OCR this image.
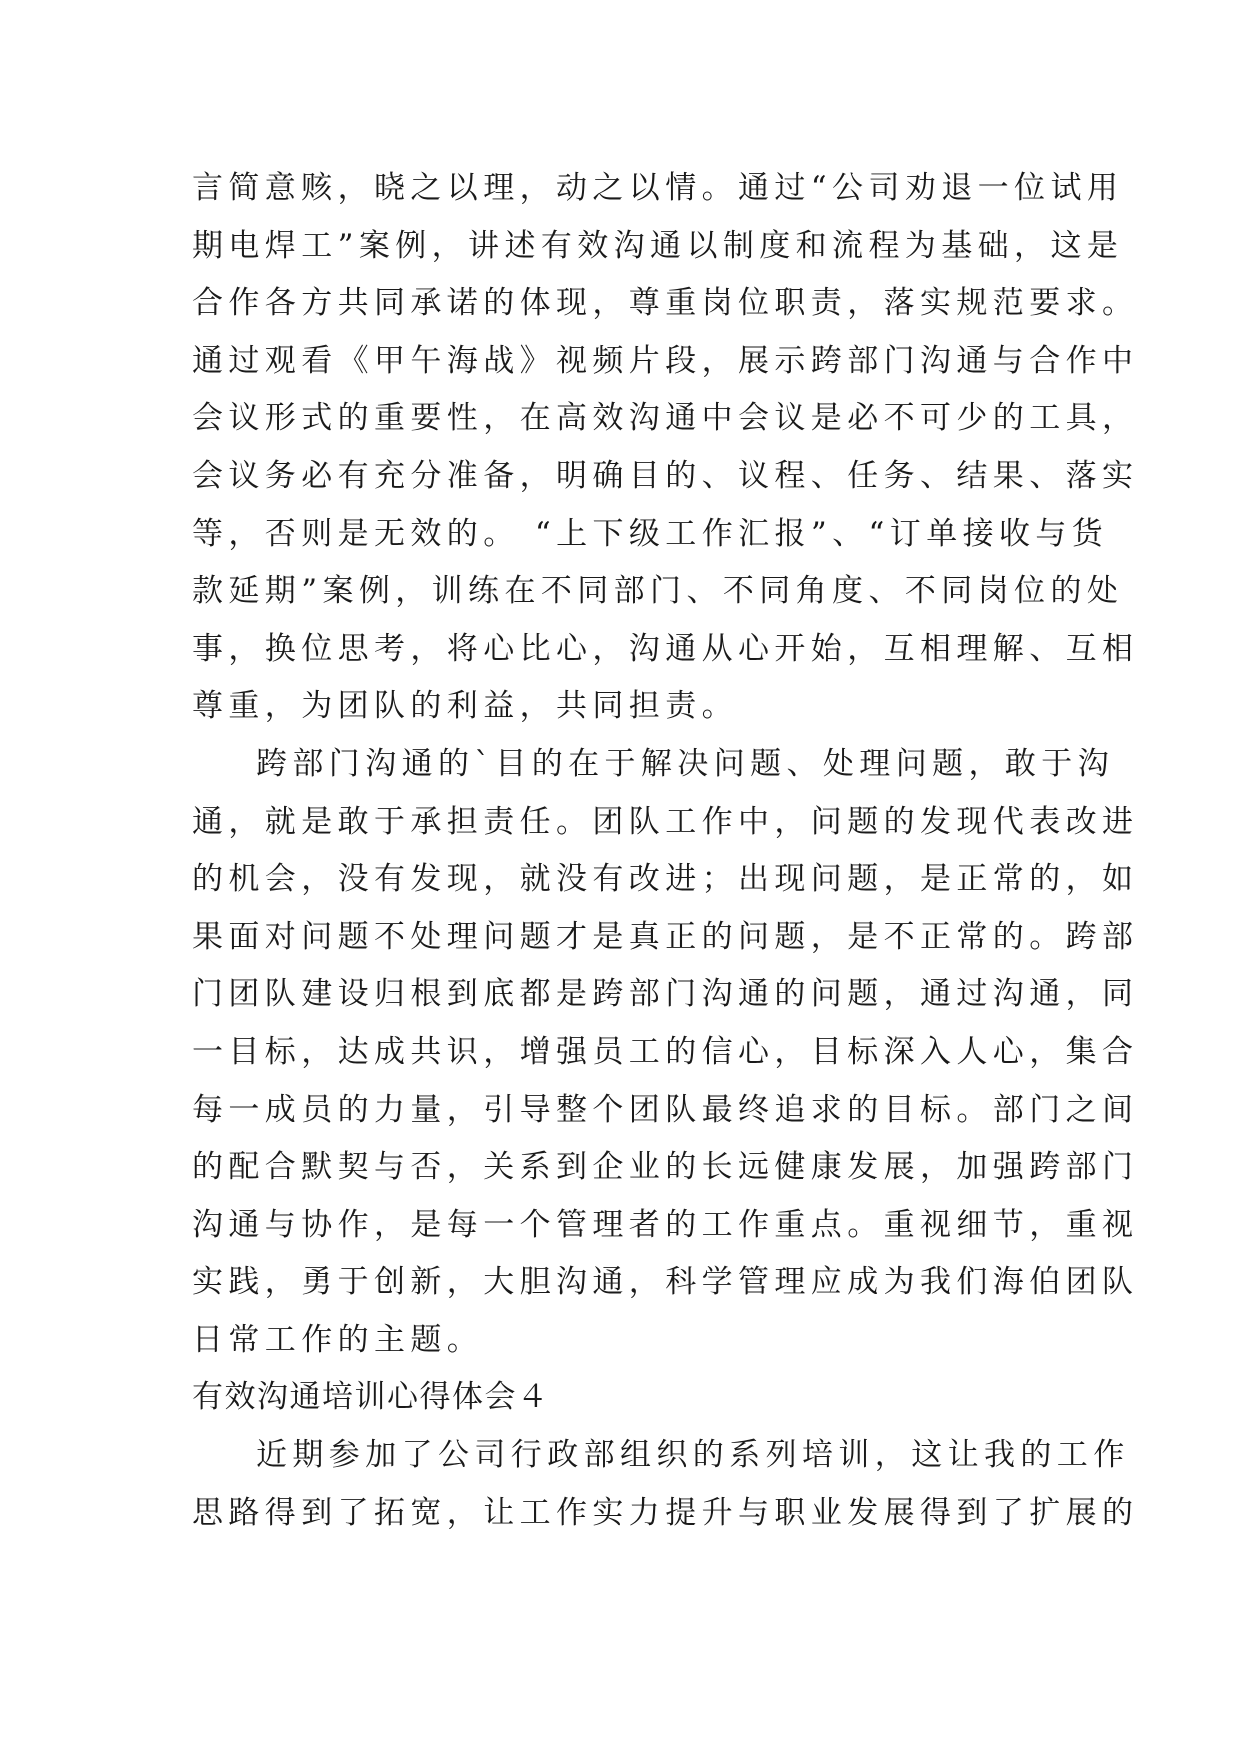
言简意赅，晓之以理，动之以情。通过“公司劝退一位试用
期电焊工”案例，讲述有效沟通以制度和流程为基础，这是
合作各方共同承诺的体现，尊重岗位职责，落实规范要求。
通过观看《甲午海战》视频片段，展示跨部门沟通与合作中
会议形式的重要性，在高效沟通中会议是必不可少的工具，
会议务必有充分准备，明确目的、议程、任务、结果、落实
等，否则是无效的。 “上下级工作汇报”、“订单接收与货
款延期”案例，训练在不同部门、不同角度、不同岗位的处
事，换位思考，将心比心，沟通从心开始，互相理解、互相
尊重，为团队的利益，共同担责。
跨部门沟通的`目的在于解决问题、处理问题，敢于沟
通，就是敢于承担责任。团队工作中，问题的发现代表改进
的机会，没有发现，就没有改进；出现问题，是正常的，如
果面对问题不处理问题才是真正的问题，是不正常的。跨部
门团队建设归根到底都是跨部门沟通的问题，通过沟通，同
一目标，达成共识，增强员工的信心，目标深入人心，集合
每一成员的力量，引导整个团队最终追求的目标。部门之间
的配合默契与否，关系到企业的长远健康发展，加强跨部门
沟通与协作，是每一个管理者的工作重点。重视细节，重视
实践，勇于创新，大胆沟通，科学管理应成为我们海伯团队
日常工作的主题。
有效沟通培训心得体会４
近期参加了公司行政部组织的系列培训，这让我的工作
思路得到了拓宽，让工作实力提升与职业发展得到了扩展的
